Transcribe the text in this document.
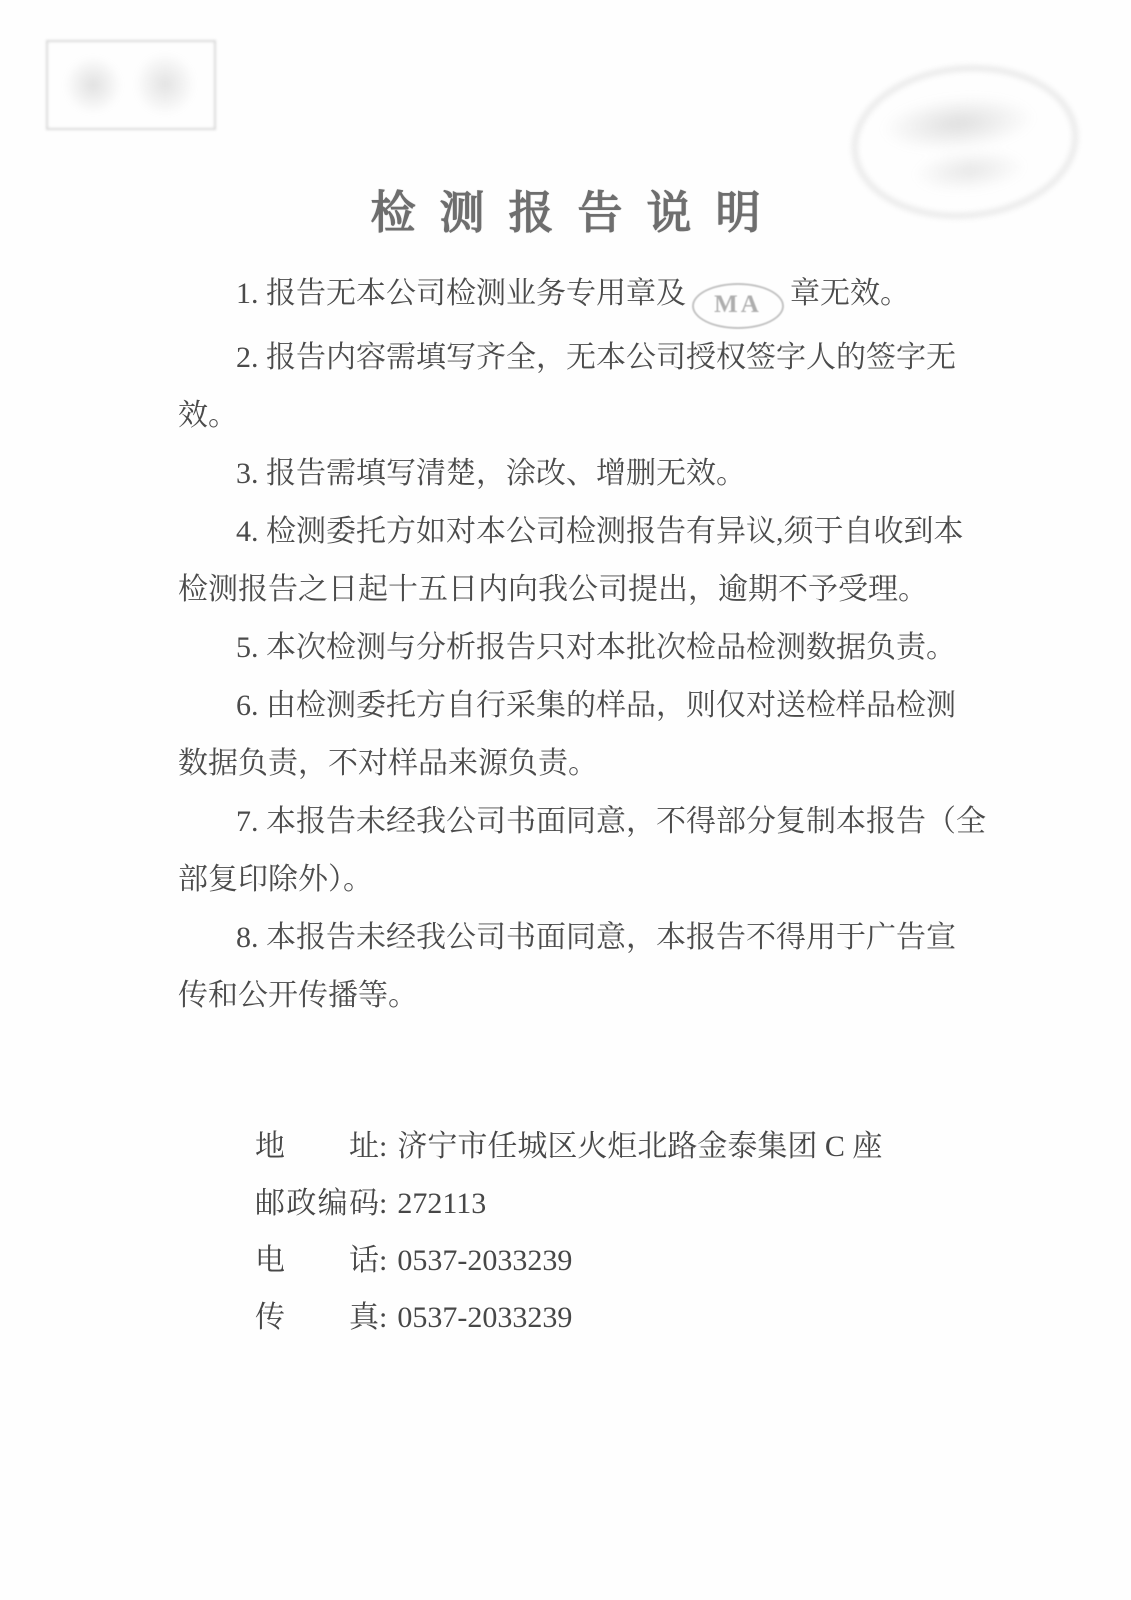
检测报告说明
1. 报告无本公司检测业务专用章及 MA 章无效。
2. 报告内容需填写齐全，无本公司授权签字人的签字无
效。
3. 报告需填写清楚，涂改、增删无效。
4. 检测委托方如对本公司检测报告有异议,须于自收到本
检测报告之日起十五日内向我公司提出，逾期不予受理。
5. 本次检测与分析报告只对本批次检品检测数据负责。
6. 由检测委托方自行采集的样品，则仅对送检样品检测
数据负责，不对样品来源负责。
7. 本报告未经我公司书面同意，不得部分复制本报告（全
部复印除外）。
8. 本报告未经我公司书面同意，本报告不得用于广告宣
传和公开传播等。
地址: 济宁市任城区火炬北路金泰集团 C 座
邮政编码: 272113
电话: 0537-2033239
传真: 0537-2033239
